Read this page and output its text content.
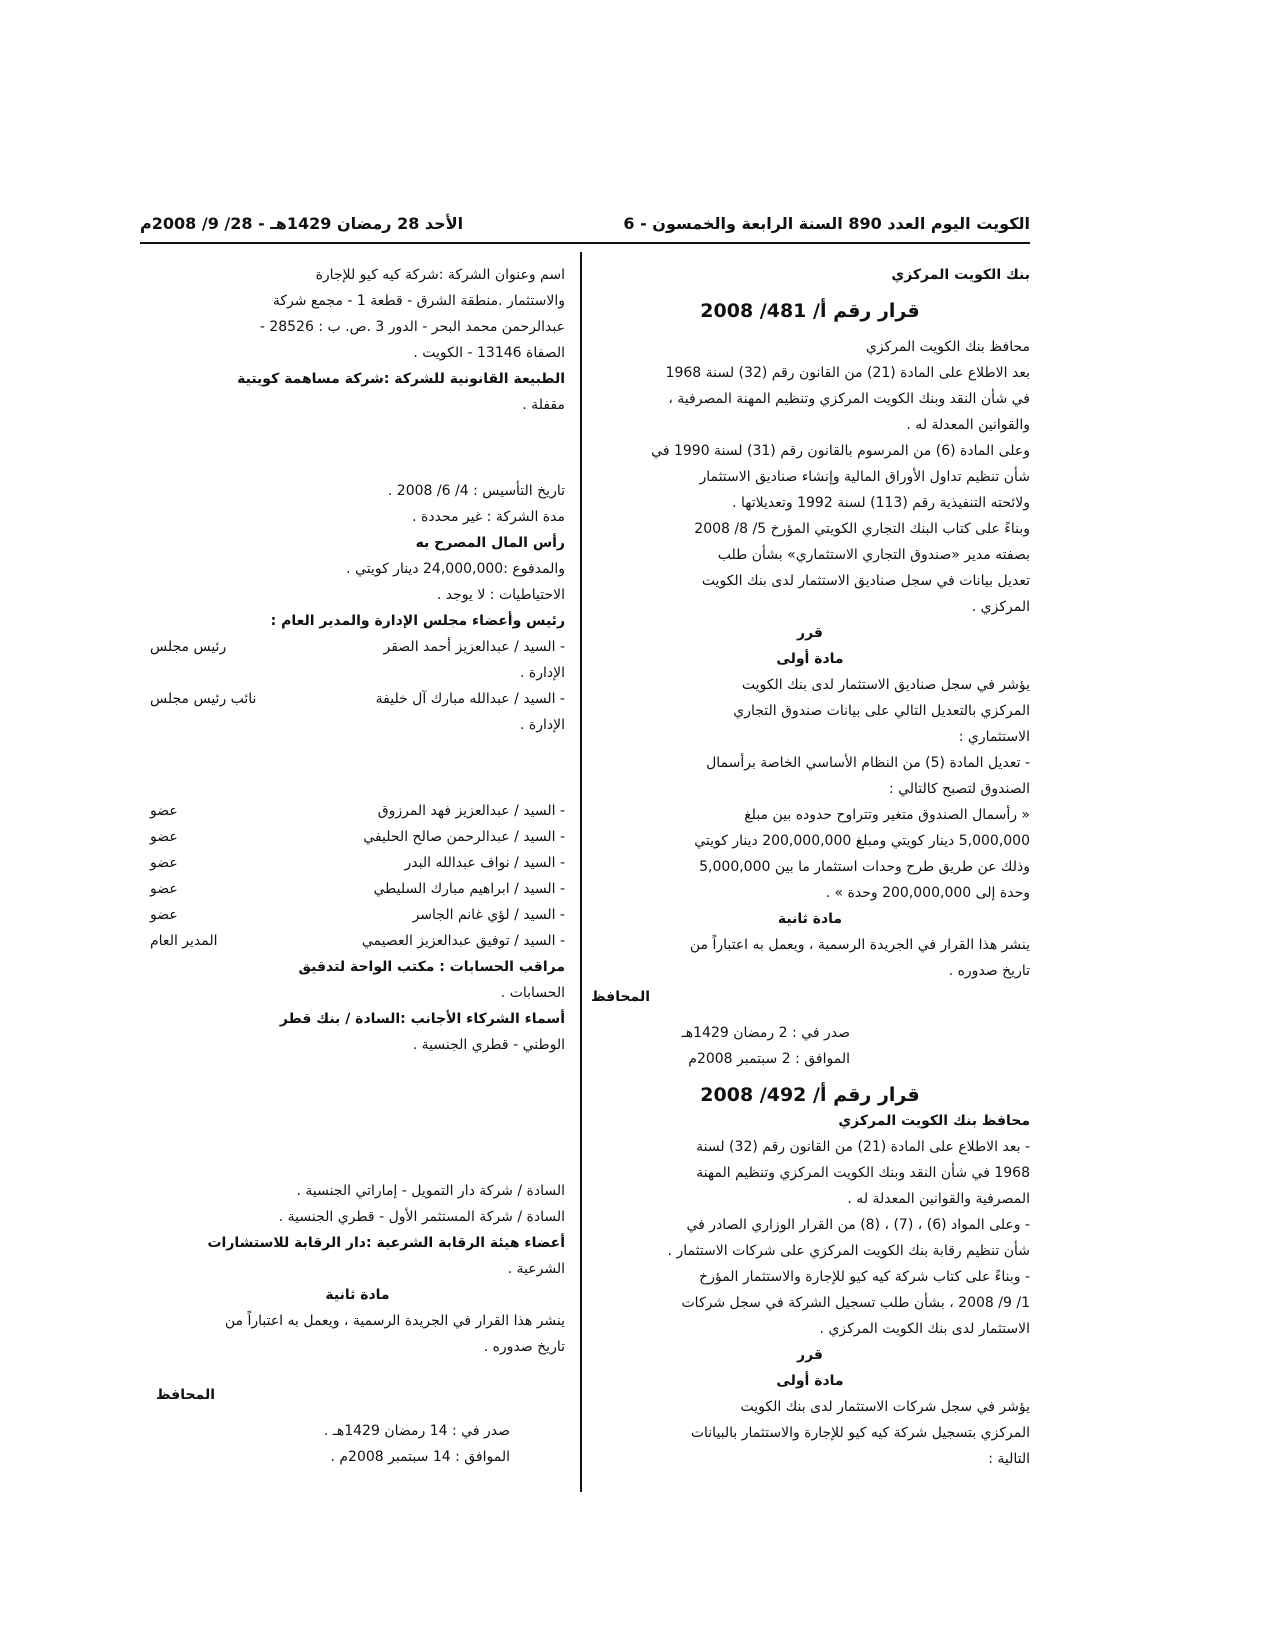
الكويت اليوم العدد 890 السنة الرابعة والخمسون - 6
الأحد 28 رمضان 1429هـ - 28/ 9/ 2008م
بنك الكويت المركزي
قرار رقم أ/ 481/ 2008
محافظ بنك الكويت المركزي
بعد الاطلاع على المادة (21) من القانون رقم (32) لسنة 1968
في شأن النقد وبنك الكويت المركزي وتنظيم المهنة المصرفية ،
والقوانين المعدلة له .
وعلى المادة (6) من المرسوم بالقانون رقم (31) لسنة 1990 في
شأن تنظيم تداول الأوراق المالية وإنشاء صناديق الاستثمار
ولائحته التنفيذية رقم (113) لسنة 1992 وتعديلاتها .
وبناءً على كتاب البنك التجاري الكويتي المؤرخ 5/ 8/ 2008
بصفته مدير «صندوق التجاري الاستثماري» بشأن طلب
تعديل بيانات في سجل صناديق الاستثمار لدى بنك الكويت
المركزي .
قرر
مادة أولى
يؤشر في سجل صناديق الاستثمار لدى بنك الكويت
المركزي بالتعديل التالي على بيانات صندوق التجاري
الاستثماري :
- تعديل المادة (5) من النظام الأساسي الخاصة برأسمال
الصندوق لتصبح كالتالي :
« رأسمال الصندوق متغير وتتراوح حدوده بين مبلغ
5,000,000 دينار كويتي ومبلغ 200,000,000 دينار كويتي
وذلك عن طريق طرح وحدات استثمار ما بين 5,000,000
وحدة إلى 200,000,000 وحدة » .
مادة ثانية
ينشر هذا القرار في الجريدة الرسمية ، ويعمل به اعتباراً من
تاريخ صدوره .
المحافظ
صدر في : 2 رمضان 1429هـ
الموافق : 2 سبتمبر 2008م
قرار رقم أ/ 492/ 2008
محافظ بنك الكويت المركزي
- بعد الاطلاع على المادة (21) من القانون رقم (32) لسنة
1968 في شأن النقد وبنك الكويت المركزي وتنظيم المهنة
المصرفية والقوانين المعدلة له .
- وعلى المواد (6) ، (7) ، (8) من القرار الوزاري الصادر في
شأن تنظيم رقابة بنك الكويت المركزي على شركات الاستثمار .
- وبناءً على كتاب شركة كيه كيو للإجارة والاستثمار المؤرخ
1/ 9/ 2008 ، بشأن طلب تسجيل الشركة في سجل شركات
الاستثمار لدى بنك الكويت المركزي .
قرر
مادة أولى
يؤشر في سجل شركات الاستثمار لدى بنك الكويت
المركزي بتسجيل شركة كيه كيو للإجارة والاستثمار بالبيانات
التالية :
اسم وعنوان الشركة :شركة كيه كيو للإجارة
والاستثمار .منطقة الشرق - قطعة 1 - مجمع شركة
عبدالرحمن محمد البحر - الدور 3 .ص. ب : 28526 -
الصفاة 13146 - الكويت .
الطبيعة القانونية للشركة :شركة مساهمة كويتية
مقفلة .
تاريخ التأسيس : 4/ 6/ 2008 .
مدة الشركة : غير محددة .
رأس المال المصرح به
والمدفوع :24,000,000 دينار كويتي .
الاحتياطيات : لا يوجد .
رئيس وأعضاء مجلس الإدارة والمدير العام :
- السيد / عبدالعزيز أحمد الصقر
رئيس مجلس
الإدارة .
- السيد / عبدالله مبارك آل خليفة
نائب رئيس مجلس
الإدارة .
- السيد / عبدالعزيز فهد المرزوق
عضو
- السيد / عبدالرحمن صالح الحليفي
عضو
- السيد / نواف عبدالله البدر
عضو
- السيد / ابراهيم مبارك السليطي
عضو
- السيد / لؤي غانم الجاسر
عضو
- السيد / توفيق عبدالعزيز العصيمي
المدير العام
مراقب الحسابات : مكتب الواحة لتدقيق
الحسابات .
أسماء الشركاء الأجانب :السادة / بنك قطر
الوطني - قطري الجنسية .
السادة / شركة دار التمويل - إماراتي الجنسية .
السادة / شركة المستثمر الأول - قطري الجنسية .
أعضاء هيئة الرقابة الشرعية :دار الرقابة للاستشارات
الشرعية .
مادة ثانية
ينشر هذا القرار في الجريدة الرسمية ، ويعمل به اعتباراً من
تاريخ صدوره .
المحافظ
صدر في : 14 رمضان 1429هـ .
الموافق : 14 سبتمبر 2008م .
